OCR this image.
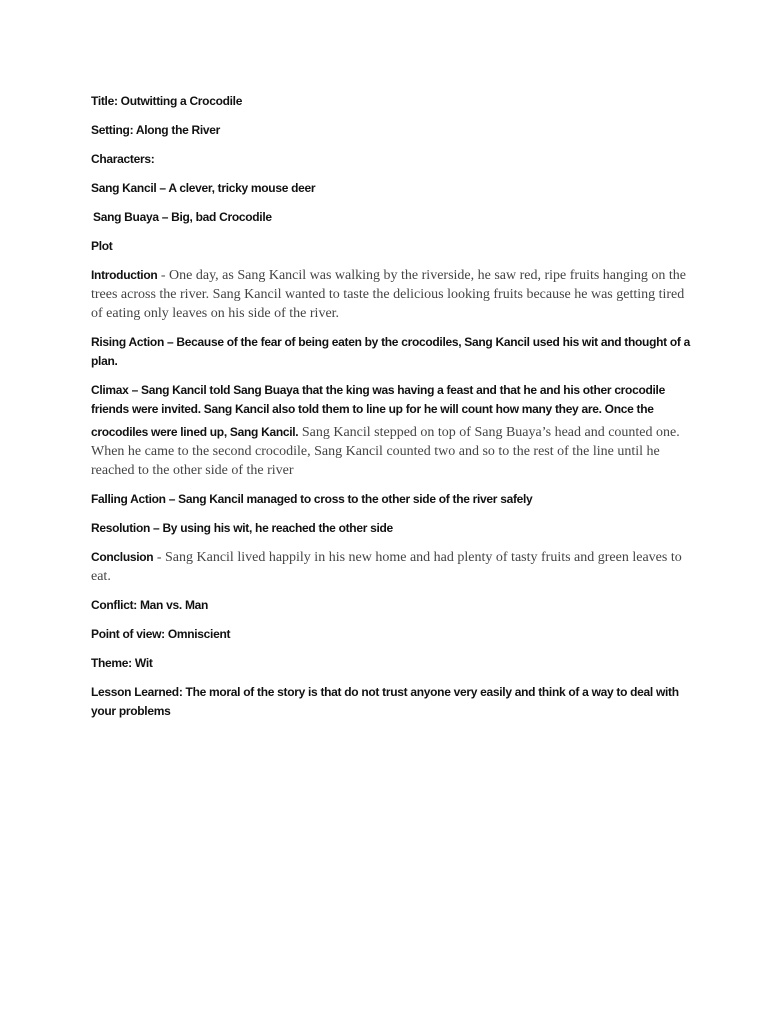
Title: Outwitting a Crocodile

Setting: Along the River

Characters:

Sang Kancil – A clever, tricky mouse deer

Sang Buaya – Big, bad Crocodile

Plot

Introduction - One day, as Sang Kancil was walking by the riverside, he saw red, ripe fruits hanging on the trees across the river. Sang Kancil wanted to taste the delicious looking fruits because he was getting tired of eating only leaves on his side of the river.

Rising Action – Because of the fear of being eaten by the crocodiles, Sang Kancil used his wit and thought of a plan.

Climax – Sang Kancil told Sang Buaya that the king was having a feast and that he and his other crocodile friends were invited. Sang Kancil also told them to line up for he will count how many they are. Once the

crocodiles were lined up, Sang Kancil. Sang Kancil stepped on top of Sang Buaya’s head and counted one. When he came to the second crocodile, Sang Kancil counted two and so to the rest of the line until he reached to the other side of the river

Falling Action – Sang Kancil managed to cross to the other side of the river safely

Resolution – By using his wit, he reached the other side

Conclusion - Sang Kancil lived happily in his new home and had plenty of tasty fruits and green leaves to eat.

Conflict: Man vs. Man

Point of view: Omniscient

Theme: Wit

Lesson Learned: The moral of the story is that do not trust anyone very easily and think of a way to deal with your problems
